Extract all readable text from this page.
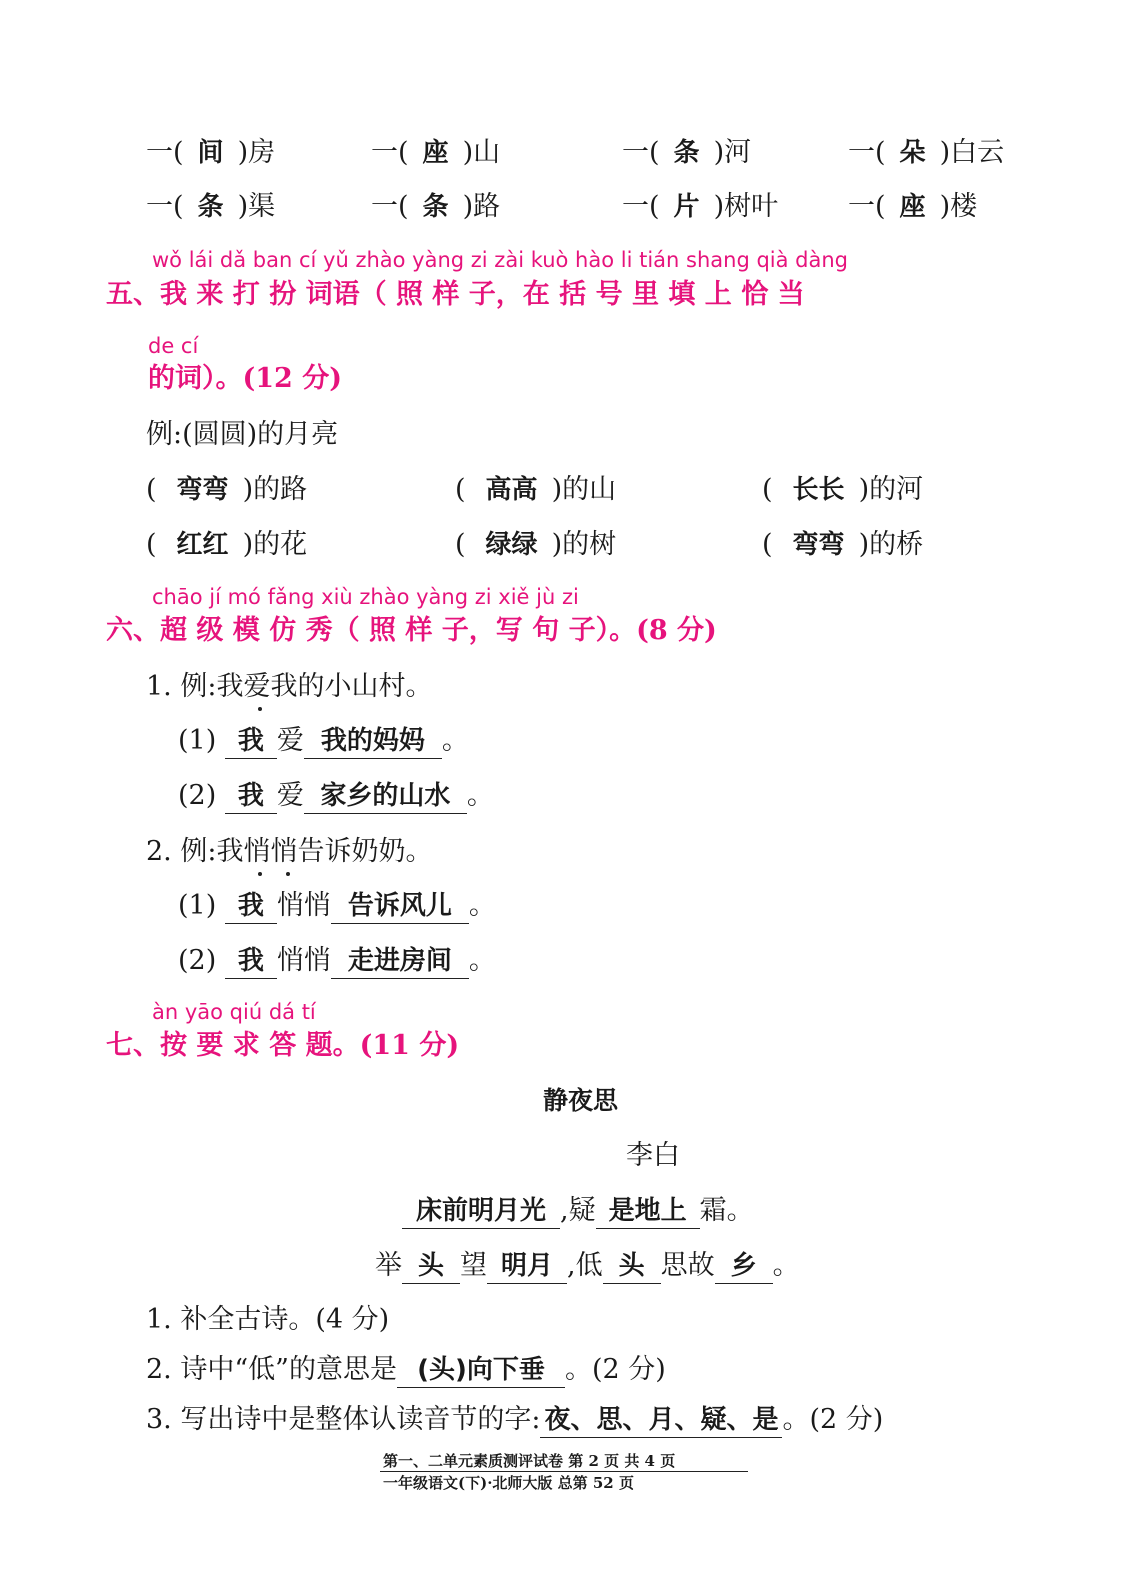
一( 间 )房	一( 座 )山	一( 条 )河	一( 朵 )白云
一( 条 )渠	一( 条 )路	一( 片 )树叶	一( 座 )楼
wǒ lái dǎ ban cí yǔ zhào yàng zi zài kuò hào li tián shang qià dàng
五、我 来 打 扮 词语（ 照 样 子，在 括 号 里 填 上 恰 当
de cí
的词）。(12 分)
例:(圆圆)的月亮
( 弯弯 )的路	( 高高 )的山	( 长长 )的河
( 红红 )的花	( 绿绿 )的树	( 弯弯 )的桥
chāo jí mó fǎng xiù zhào yàng zi xiě jù zi
六、超 级 模 仿 秀（ 照 样 子，写 句 子）。(8 分)
1. 例:我爱我的小山村。
(1) 我 爱 我的妈妈 。
(2) 我 爱 家乡的山水 。
2. 例:我悄悄告诉奶奶。
(1) 我 悄悄 告诉风儿 。
(2) 我 悄悄 走进房间 。
àn yāo qiú dá tí
七、按 要 求 答 题。(11 分)
静夜思
李白
床前明月光 ,疑 是地上 霜。
举 头 望 明月 ,低 头 思故 乡 。
1. 补全古诗。(4 分)
2. 诗中“低”的意思是 (头)向下垂 。(2 分)
3. 写出诗中是整体认读音节的字: 夜、思、月、疑、是 。(2 分)
第一、二单元素质测评试卷 第 2 页 共 4 页
一年级语文(下)·北师大版 总第 52 页
